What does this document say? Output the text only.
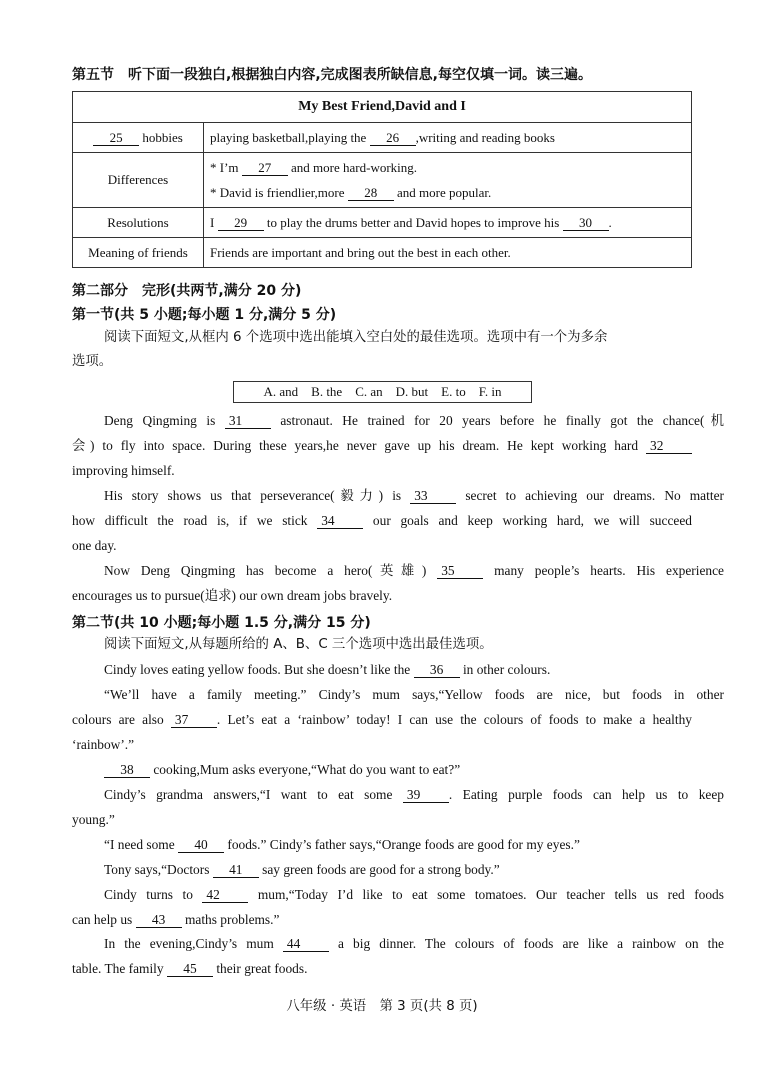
第五节 听下面一段独白,根据独白内容,完成图表所缺信息,每空仅填一词。读三遍。
My Best Friend,David and I	
25 hobbies	playing basketball,playing the 26 ,writing and reading books
Differences	* I’m 27 and more hard-working.
* David is friendlier,more 28 and more popular.

Resolutions	I 29 to play the drums better and David hopes to improve his 30 .
Meaning of friends	Friends are important and bring out the best in each other.
第二部分　完形(共两节,满分 20 分)
第一节(共 5 小题;每小题 1 分,满分 5 分)
阅读下面短文,从框内 6 个选项中选出能填入空白处的最佳选项。选项中有一个为多余
选项。
A. and　B. the　C. an　D. but　E. to　F. in
Deng Qingming is 31	astronaut. He trained for 20 years before he finally got the chance(机
会) to fly into space. During these years,he never gave up his dream. He kept working hard 32
improving himself.
His story shows us that perseverance(毅力) is 33	secret to achieving our dreams. No matter
how difficult the road is, if we stick 34	our goals and keep working hard, we will succeed
one day.
Now Deng Qingming has become a hero(英雄) 35	many people’s hearts. His experience
encourages us to pursue(追求) our own dream jobs bravely.
第二节(共 10 小题;每小题 1.5 分,满分 15 分)
阅读下面短文,从每题所给的 A、B、C 三个选项中选出最佳选项。
Cindy loves eating yellow foods. But she doesn’t like the 36 in other colours.
“We’ll have a family meeting.” Cindy’s mum says,“Yellow foods are nice, but foods in other
colours are also 37 . Let’s eat a ‘rainbow’ today! I can use the colours of foods to make a healthy
‘rainbow’.”
38 cooking,Mum asks everyone,“What do you want to eat?”
Cindy’s grandma answers,“I want to eat some 39 . Eating purple foods can help us to keep
young.”
“I need some 40 foods.” Cindy’s father says,“Orange foods are good for my eyes.”
Tony says,“Doctors 41 say green foods are good for a strong body.”
Cindy turns to 42	mum,“Today I’d like to eat some tomatoes. Our teacher tells us red foods
can help us 43 maths problems.”
In the evening,Cindy’s mum 44	a big dinner. The colours of foods are like a rainbow on the
table. The family 45 their great foods.
八年级 · 英语　第 3 页(共 8 页)
